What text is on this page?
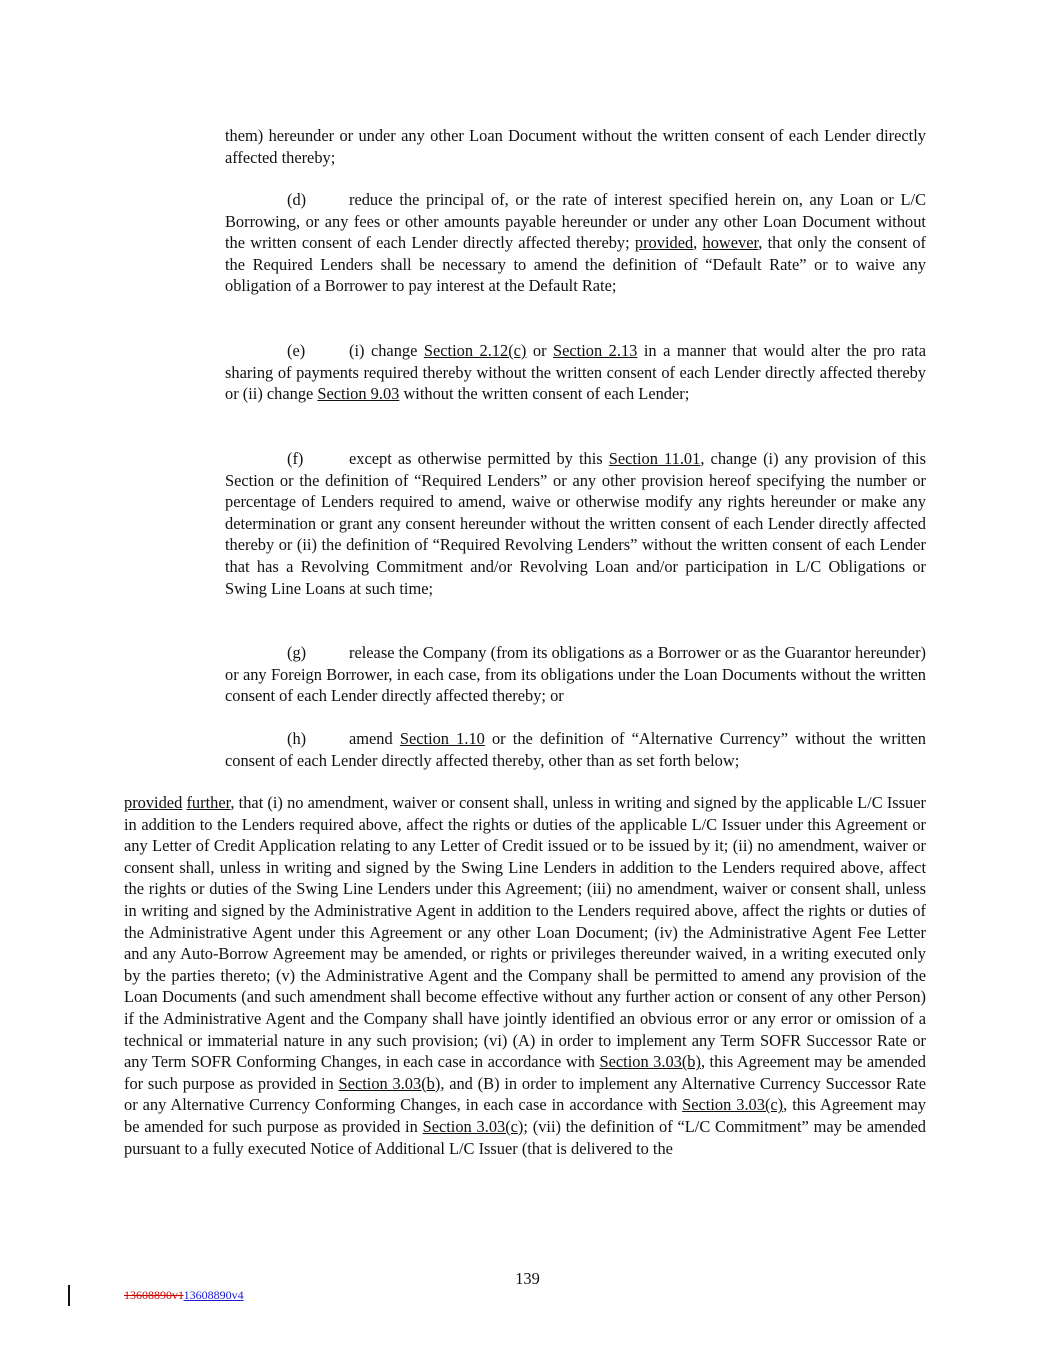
them) hereunder or under any other Loan Document without the written consent of each Lender directly affected thereby;

(d)	reduce the principal of, or the rate of interest specified herein on, any Loan or L/C Borrowing, or any fees or other amounts payable hereunder or under any other Loan Document without the written consent of each Lender directly affected thereby; provided, however, that only the consent of the Required Lenders shall be necessary to amend the definition of “Default Rate” or to waive any obligation of a Borrower to pay interest at the Default Rate;

(e)	(i) change Section 2.12(c) or Section 2.13 in a manner that would alter the pro rata sharing of payments required thereby without the written consent of each Lender directly affected thereby or (ii) change Section 9.03 without the written consent of each Lender;

(f)	except as otherwise permitted by this Section 11.01, change (i) any provision of this Section or the definition of “Required Lenders” or any other provision hereof specifying the number or percentage of Lenders required to amend, waive or otherwise modify any rights hereunder or make any determination or grant any consent hereunder without the written consent of each Lender directly affected thereby or (ii) the definition of “Required Revolving Lenders” without the written consent of each Lender that has a Revolving Commitment and/or Revolving Loan and/or participation in L/C Obligations or Swing Line Loans at such time;

(g)	release the Company (from its obligations as a Borrower or as the Guarantor hereunder) or any Foreign Borrower, in each case, from its obligations under the Loan Documents without the written consent of each Lender directly affected thereby; or

(h)	amend Section 1.10 or the definition of “Alternative Currency” without the written consent of each Lender directly affected thereby, other than as set forth below;

provided further, that (i) no amendment, waiver or consent shall, unless in writing and signed by the applicable L/C Issuer in addition to the Lenders required above, affect the rights or duties of the applicable L/C Issuer under this Agreement or any Letter of Credit Application relating to any Letter of Credit issued or to be issued by it; (ii) no amendment, waiver or consent shall, unless in writing and signed by the Swing Line Lenders in addition to the Lenders required above, affect the rights or duties of the Swing Line Lenders under this Agreement; (iii) no amendment, waiver or consent shall, unless in writing and signed by the Administrative Agent in addition to the Lenders required above, affect the rights or duties of the Administrative Agent under this Agreement or any other Loan Document; (iv) the Administrative Agent Fee Letter and any Auto-Borrow Agreement may be amended, or rights or privileges thereunder waived, in a writing executed only by the parties thereto; (v) the Administrative Agent and the Company shall be permitted to amend any provision of the Loan Documents (and such amendment shall become effective without any further action or consent of any other Person) if the Administrative Agent and the Company shall have jointly identified an obvious error or any error or omission of a technical or immaterial nature in any such provision; (vi) (A) in order to implement any Term SOFR Successor Rate or any Term SOFR Conforming Changes, in each case in accordance with Section 3.03(b), this Agreement may be amended for such purpose as provided in Section 3.03(b), and (B) in order to implement any Alternative Currency Successor Rate or any Alternative Currency Conforming Changes, in each case in accordance with Section 3.03(c), this Agreement may be amended for such purpose as provided in Section 3.03(c); (vii) the definition of “L/C Commitment” may be amended pursuant to a fully executed Notice of Additional L/C Issuer (that is delivered to the

139
13608890v113608890v4
